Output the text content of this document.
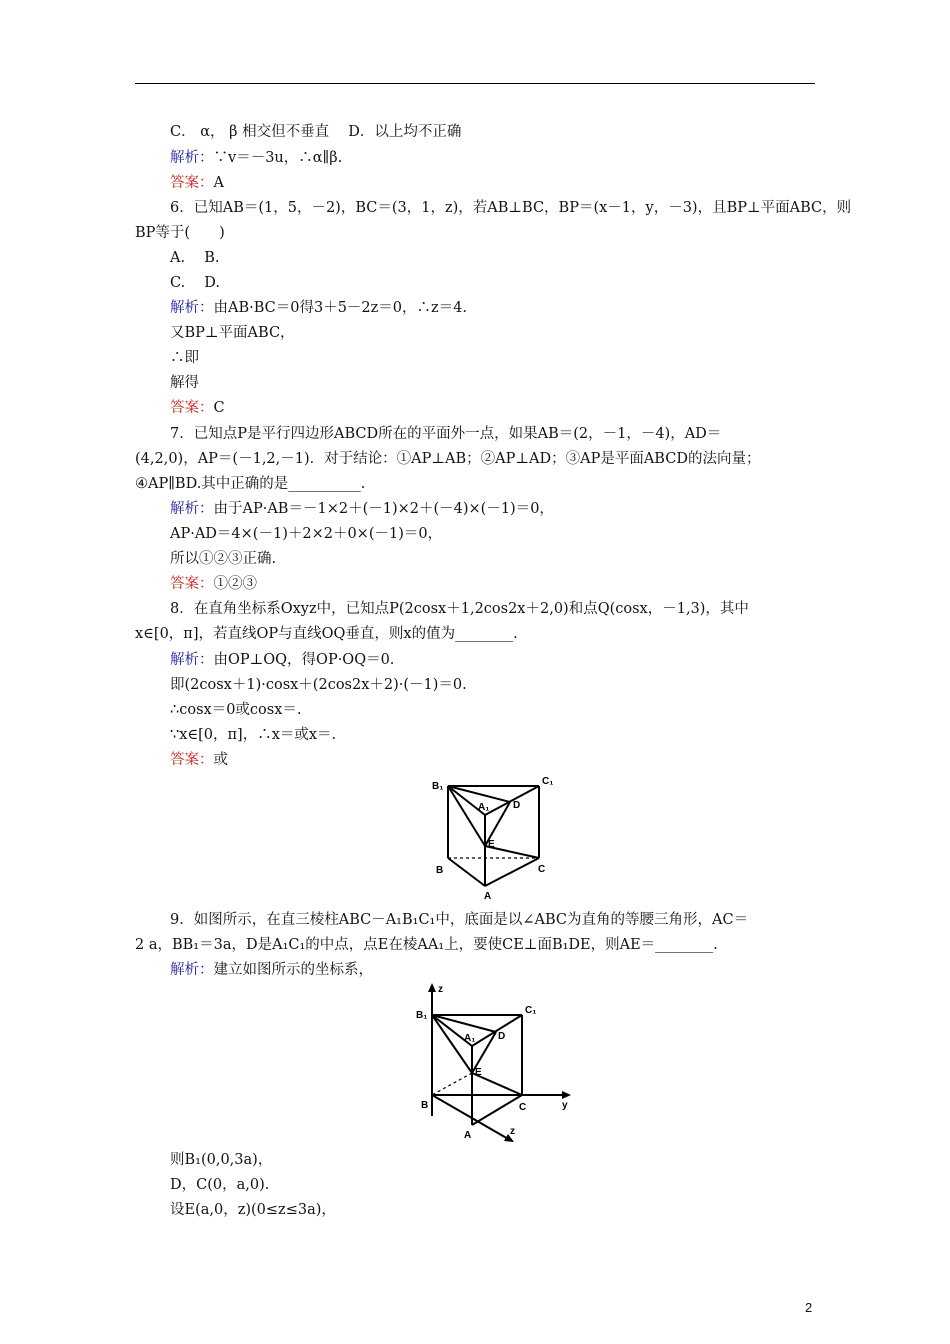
C． α， β 相交但不垂直　 D．以上均不正确
解析：∵v＝－3u，∴α∥β.
答案：A
6．已知AB＝(1，5，－2)，BC＝(3，1，z)，若AB⊥BC，BP＝(x－1，y，－3)，且BP⊥平面ABC，则
BP等于(　　)
A.　 B.
C.　 D.
解析：由AB·BC＝0得3＋5－2z＝0，∴z＝4.
又BP⊥平面ABC，
∴即
解得
答案：C
7．已知点P是平行四边形ABCD所在的平面外一点，如果AB＝(2，－1，－4)，AD＝
(4,2,0)，AP＝(－1,2,－1)．对于结论：①AP⊥AB；②AP⊥AD；③AP是平面ABCD的法向量；
④AP∥BD.其中正确的是__________.
解析：由于AP·AB＝－1×2＋(－1)×2＋(－4)×(－1)＝0，
AP·AD＝4×(－1)＋2×2＋0×(－1)＝0，
所以①②③正确.
答案：①②③
8．在直角坐标系Oxyz中，已知点P(2cosx＋1,2cos2x＋2,0)和点Q(cosx，－1,3)，其中
x∈[0，π]，若直线OP与直线OQ垂直，则x的值为________.
解析：由OP⊥OQ，得OP·OQ＝0.
即(2cosx＋1)·cosx＋(2cos2x＋2)·(－1)＝0.
∴cosx＝0或cosx＝.
∵x∈[0，π]，∴x＝或x＝.
答案：或
B₁	C₁
A₁ D
E
B	C
A
9．如图所示，在直三棱柱ABC－A₁B₁C₁中，底面是以∠ABC为直角的等腰三角形，AC＝
2 a，BB₁＝3a，D是A₁C₁的中点，点E在棱AA₁上，要使CE⊥面B₁DE，则AE＝________.
解析：建立如图所示的坐标系，
z
B₁	C₁
A₁ D
E
B	C
A
y
z
则B₁(0,0,3a)，
D，C(0，a,0).
设E(a,0，z)(0≤z≤3a)，
2
